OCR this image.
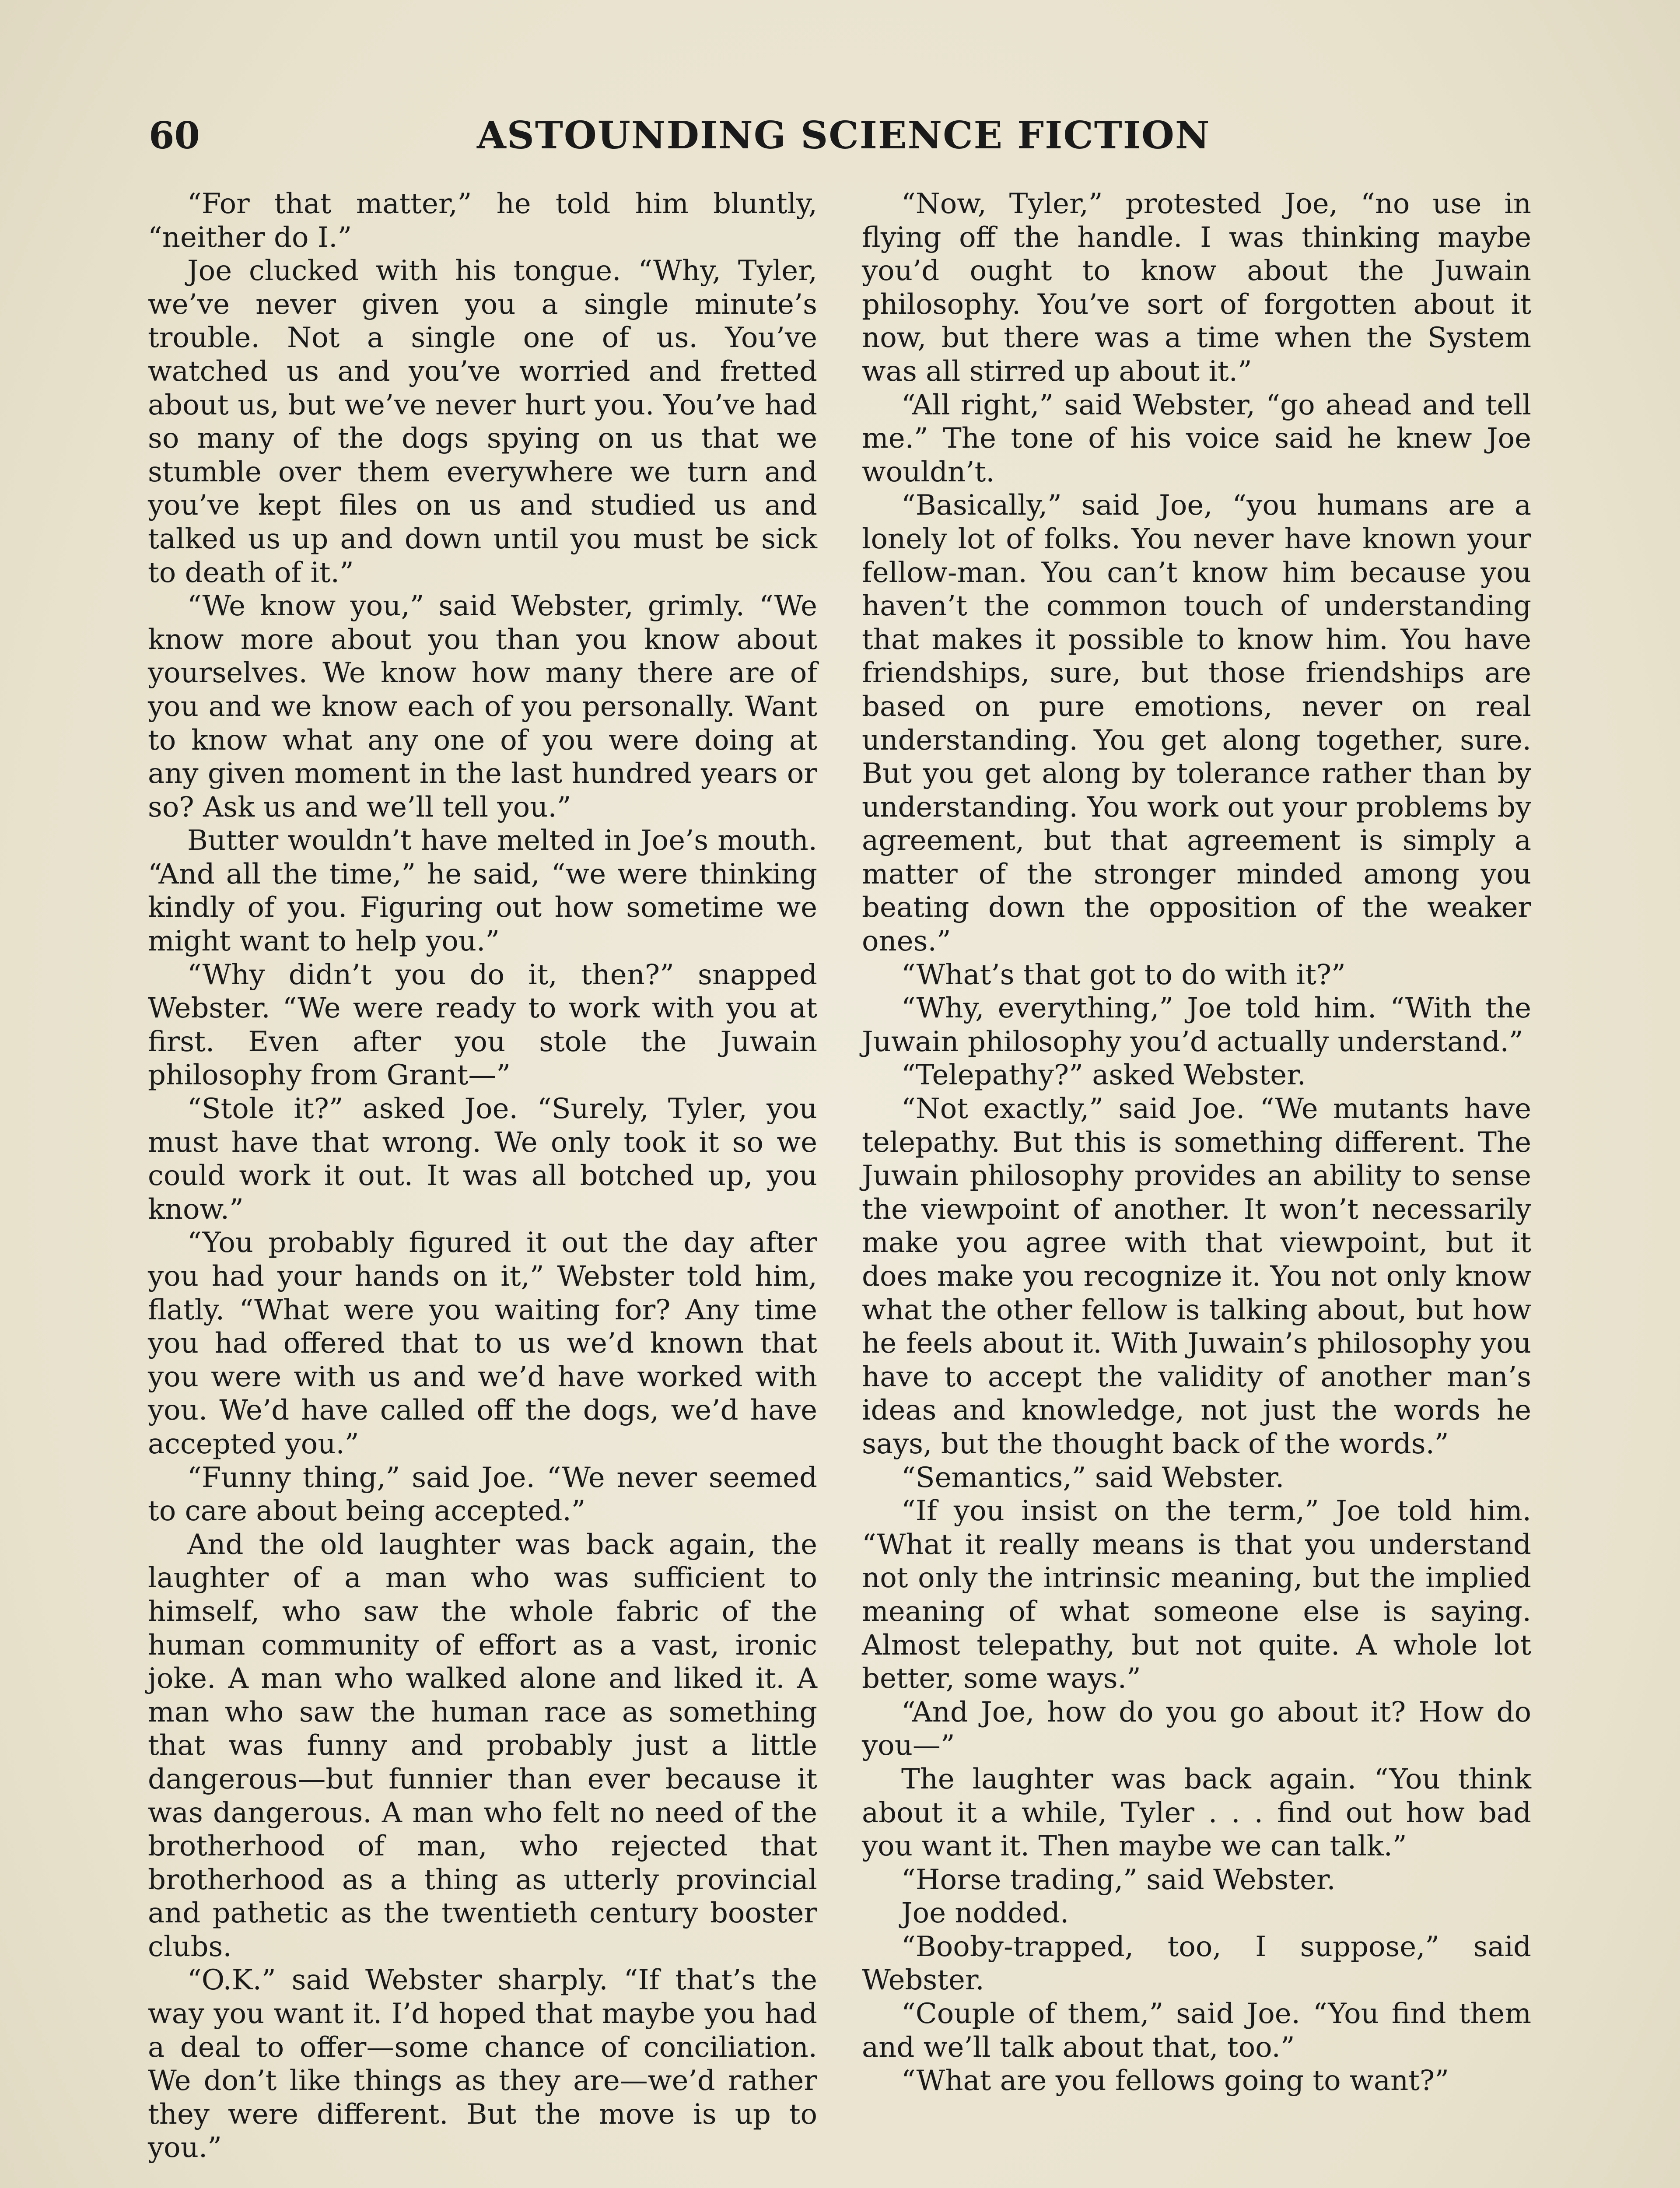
60	ASTOUNDING SCIENCE FICTION

“For that matter,” he told him bluntly, “neither do I.”

Joe clucked with his tongue. “Why, Tyler, we’ve never given you a single minute’s trouble. Not a single one of us. You’ve watched us and you’ve worried and fretted about us, but we’ve never hurt you. You’ve had so many of the dogs spying on us that we stumble over them everywhere we turn and you’ve kept files on us and studied us and talked us up and down until you must be sick to death of it.”

“We know you,” said Webster, grimly. “We know more about you than you know about yourselves. We know how many there are of you and we know each of you personally. Want to know what any one of you were doing at any given moment in the last hundred years or so? Ask us and we’ll tell you.”

Butter wouldn’t have melted in Joe’s mouth. “And all the time,” he said, “we were thinking kindly of you. Figuring out how sometime we might want to help you.”

“Why didn’t you do it, then?” snapped Webster. “We were ready to work with you at first. Even after you stole the Juwain philosophy from Grant—”

“Stole it?” asked Joe. “Surely, Tyler, you must have that wrong. We only took it so we could work it out. It was all botched up, you know.”

“You probably figured it out the day after you had your hands on it,” Webster told him, flatly. “What were you waiting for? Any time you had offered that to us we’d known that you were with us and we’d have worked with you. We’d have called off the dogs, we’d have accepted you.”

“Funny thing,” said Joe. “We never seemed to care about being accepted.”

And the old laughter was back again, the laughter of a man who was sufficient to himself, who saw the whole fabric of the human community of effort as a vast, ironic joke. A man who walked alone and liked it. A man who saw the human race as something that was funny and probably just a little dangerous—but funnier than ever because it was dangerous. A man who felt no need of the brotherhood of man, who rejected that brotherhood as a thing as utterly provincial and pathetic as the twentieth century booster clubs.

“O.K.” said Webster sharply. “If that’s the way you want it. I’d hoped that maybe you had a deal to offer—some chance of conciliation. We don’t like things as they are—we’d rather they were different. But the move is up to you.”

“Now, Tyler,” protested Joe, “no use in flying off the handle. I was thinking maybe you’d ought to know about the Juwain philosophy. You’ve sort of forgotten about it now, but there was a time when the System was all stirred up about it.”

“All right,” said Webster, “go ahead and tell me.” The tone of his voice said he knew Joe wouldn’t.

“Basically,” said Joe, “you humans are a lonely lot of folks. You never have known your fellow-man. You can’t know him because you haven’t the common touch of understanding that makes it possible to know him. You have friendships, sure, but those friendships are based on pure emotions, never on real understanding. You get along together, sure. But you get along by tolerance rather than by understanding. You work out your problems by agreement, but that agreement is simply a matter of the stronger minded among you beating down the opposition of the weaker ones.”

“What’s that got to do with it?”

“Why, everything,” Joe told him. “With the Juwain philosophy you’d actually understand.”

“Telepathy?” asked Webster.

“Not exactly,” said Joe. “We mutants have telepathy. But this is something different. The Juwain philosophy provides an ability to sense the viewpoint of another. It won’t necessarily make you agree with that viewpoint, but it does make you recognize it. You not only know what the other fellow is talking about, but how he feels about it. With Juwain’s philosophy you have to accept the validity of another man’s ideas and knowledge, not just the words he says, but the thought back of the words.”

“Semantics,” said Webster.

“If you insist on the term,” Joe told him. “What it really means is that you understand not only the intrinsic meaning, but the implied meaning of what someone else is saying. Almost telepathy, but not quite. A whole lot better, some ways.”

“And Joe, how do you go about it? How do you—”

The laughter was back again. “You think about it a while, Tyler . . . find out how bad you want it. Then maybe we can talk.”

“Horse trading,” said Webster.

Joe nodded.

“Booby-trapped, too, I suppose,” said Webster.

“Couple of them,” said Joe. “You find them and we’ll talk about that, too.”

“What are you fellows going to want?”
